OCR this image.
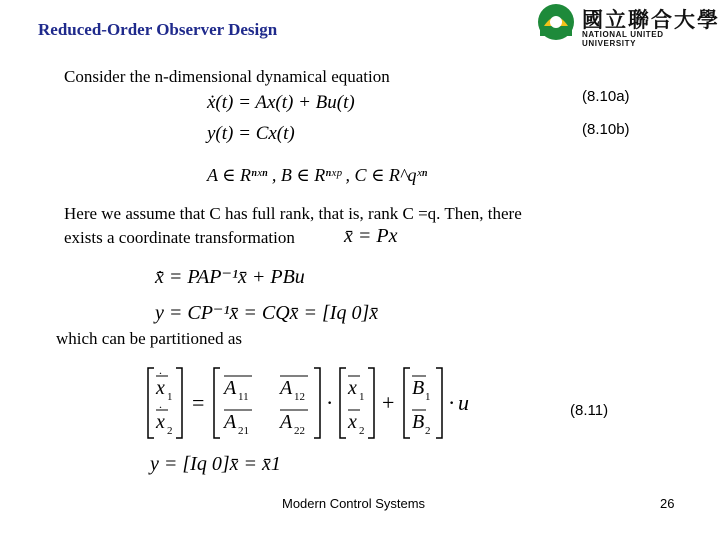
Reduced-Order Observer Design	國立聯合大學
NATIONAL UNITED UNIVERSITY
Consider the n-dimensional dynamical equation
ẋ(t) = Ax(t) + Bu(t)	(8.10a)
y(t) = Cx(t)	(8.10b)
A ∈ Rⁿˣⁿ , B ∈ Rⁿˣᵖ , C ∈ R^qˣⁿ
Here we assume that C has full rank, that is, rank C =q. Then, there
exists a coordinate transformation x̄ = Px
x̄̇ = PAP⁻¹x̄ + PBu
y = CP⁻¹x̄ = CQx̄ = [Iq 0]x̄
which can be partitioned as
x 1
x 2
.
. =
A 11 A 12
A 21 A 22
·
x 1
x 2
+
B 1
B 2
· u	(8.11)
y = [Iq 0]x̄ = x̄1
Modern Control Systems	26
